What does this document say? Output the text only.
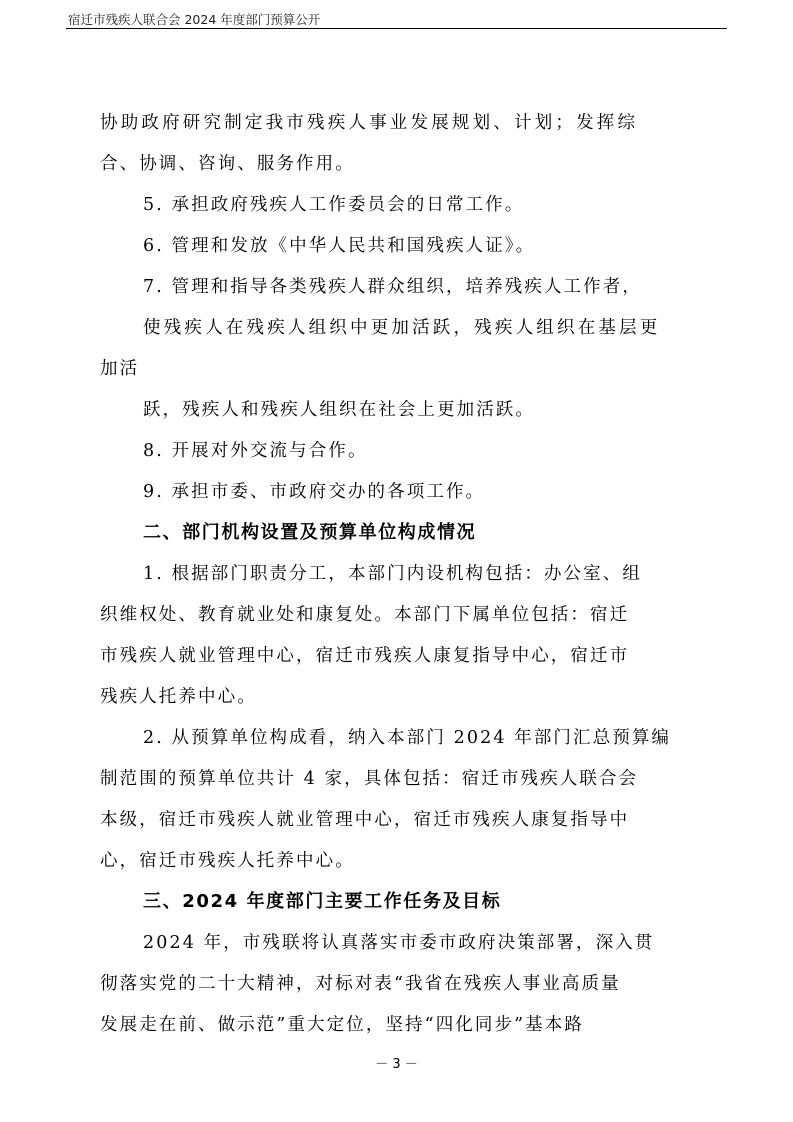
宿迁市残疾人联合会 2024 年度部门预算公开
协助政府研究制定我市残疾人事业发展规划、计划；发挥综
合、协调、咨询、服务作用。
5. 承担政府残疾人工作委员会的日常工作。
6. 管理和发放《中华人民共和国残疾人证》。
7. 管理和指导各类残疾人群众组织，培养残疾人工作者，
使残疾人在残疾人组织中更加活跃，残疾人组织在基层更
加活
跃，残疾人和残疾人组织在社会上更加活跃。
8. 开展对外交流与合作。
9. 承担市委、市政府交办的各项工作。
二、部门机构设置及预算单位构成情况
1. 根据部门职责分工，本部门内设机构包括：办公室、组
织维权处、教育就业处和康复处。本部门下属单位包括：宿迁
市残疾人就业管理中心，宿迁市残疾人康复指导中心，宿迁市
残疾人托养中心。
2. 从预算单位构成看，纳入本部门 2024 年部门汇总预算编
制范围的预算单位共计 4 家，具体包括：宿迁市残疾人联合会
本级，宿迁市残疾人就业管理中心，宿迁市残疾人康复指导中
心，宿迁市残疾人托养中心。
三、2024 年度部门主要工作任务及目标
2024 年，市残联将认真落实市委市政府决策部署，深入贯
彻落实党的二十大精神，对标对表“我省在残疾人事业高质量
发展走在前、做示范”重大定位，坚持“四化同步”基本路
－ 3 －
